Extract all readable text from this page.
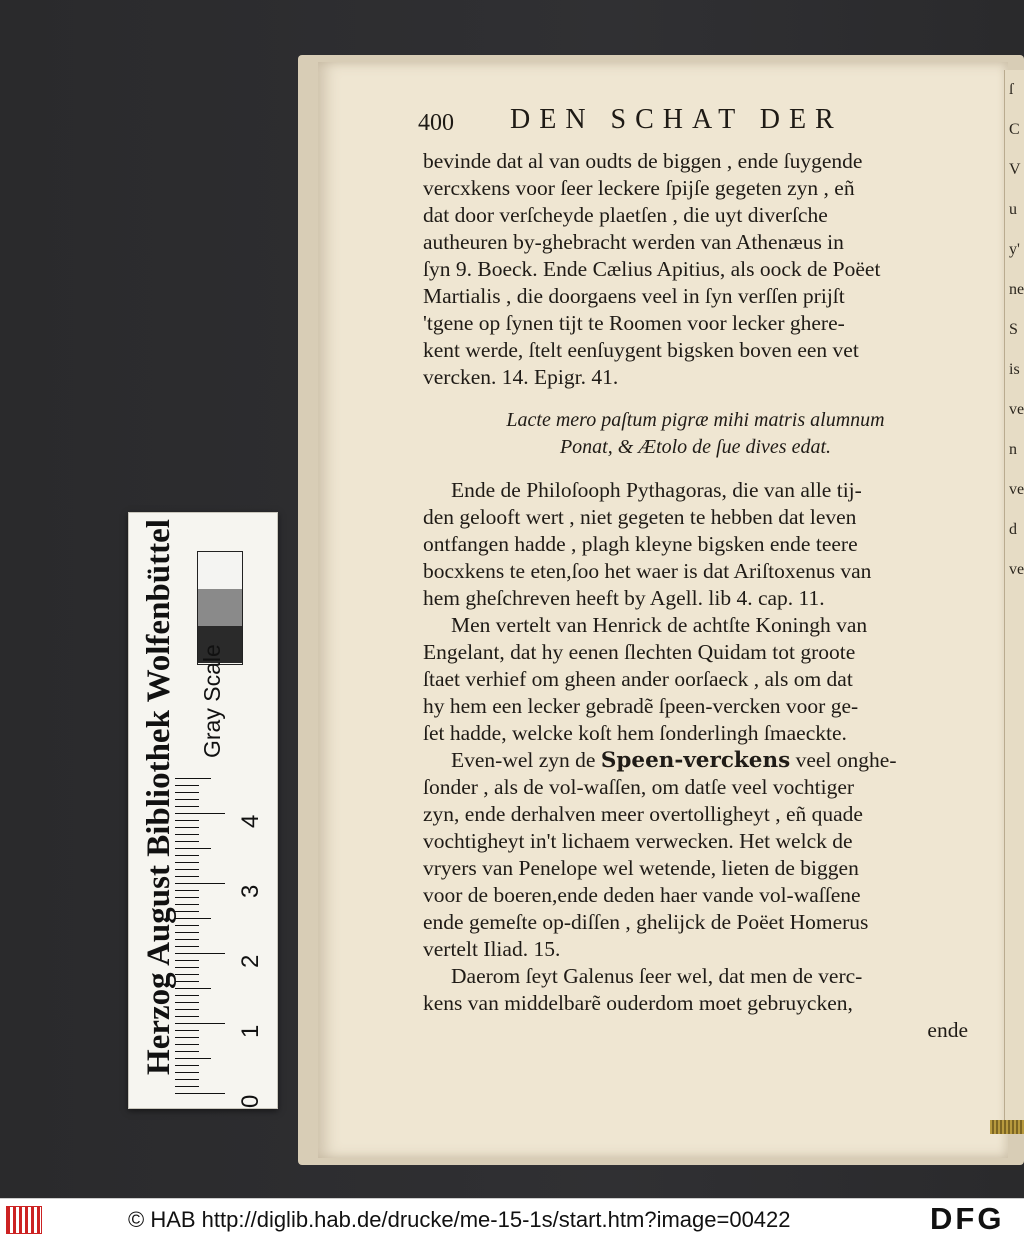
ſ
C
V
u
y'
ne
S
is
ve
n
ve
d
ve
400 DEN SCHAT DER
bevinde dat al van oudts de biggen , ende ſuygende
vercxkens voor ſeer leckere ſpijſe gegeten zyn , eñ
dat door verſcheyde plaetſen , die uyt diverſche
autheuren by-ghebracht werden van Athenæus in
ſyn 9. Boeck. Ende Cælius Apitius, als oock de Poëet
Martialis , die doorgaens veel in ſyn verſſen prijſt
'tgene op ſynen tijt te Roomen voor lecker ghere-
kent werde, ſtelt eenſuygent bigsken boven een vet
vercken. 14. Epigr. 41.
Lacte mero paſtum pigræ mihi matris alumnum
Ponat, & Ætolo de ſue dives edat.
Ende de Philoſooph Pythagoras, die van alle tij-
den gelooft wert , niet gegeten te hebben dat leven
ontfangen hadde , plagh kleyne bigsken ende teere
bocxkens te eten,ſoo het waer is dat Ariſtoxenus van
hem gheſchreven heeft by Agell. lib 4. cap. 11.
Men vertelt van Henrick de achtſte Koningh van
Engelant, dat hy eenen ſlechten Quidam tot groote
ſtaet verhief om gheen ander oorſaeck , als om dat
hy hem een lecker gebradẽ ſpeen-vercken voor ge-
ſet hadde, welcke koſt hem ſonderlingh ſmaeckte.
Even-wel zyn de Speen-verckens veel onghe-
ſonder , als de vol-waſſen, om datſe veel vochtiger
zyn, ende derhalven meer overtolligheyt , eñ quade
vochtigheyt in't lichaem verwecken. Het welck de
vryers van Penelope wel wetende, lieten de biggen
voor de boeren,ende deden haer vande vol-waſſene
ende gemeſte op-diſſen , ghelijck de Poëet Homerus
vertelt Iliad. 15.
Daerom ſeyt Galenus ſeer wel, dat men de verc-
kens van middelbarẽ ouderdom moet gebruycken,
ende
Herzog August Bibliothek Wolfenbüttel Gray Scale
0
1
2
3
4
© HAB http://diglib.hab.de/drucke/me-15-1s/start.htm?image=00422	DFG
